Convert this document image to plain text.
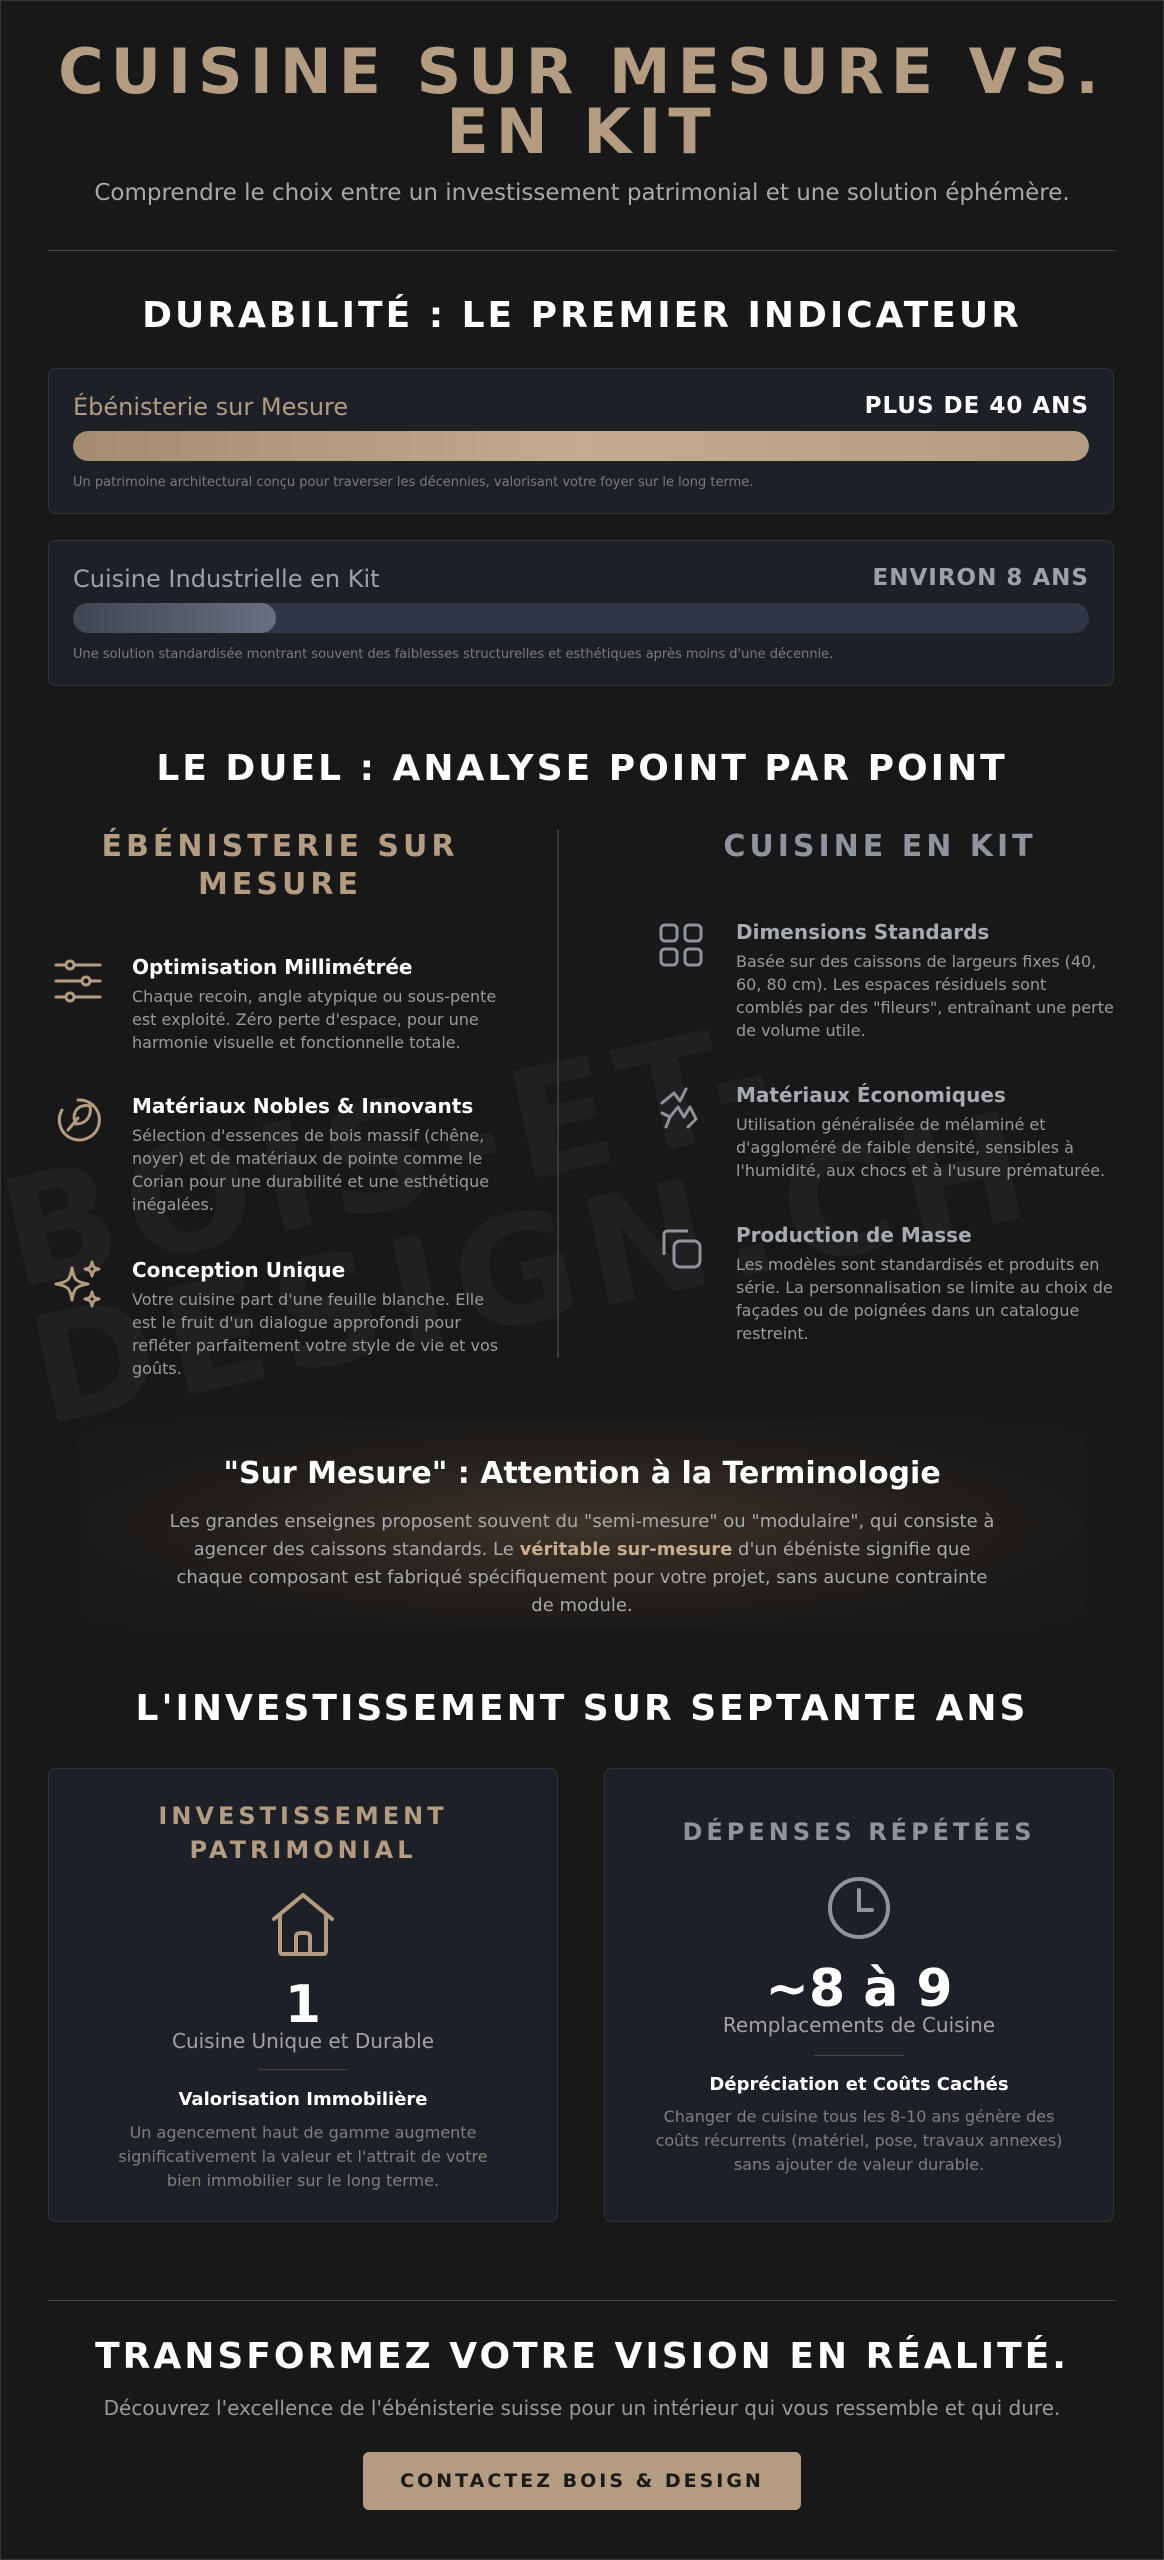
CUISINE SUR MESURE VS. EN KIT
Comprendre le choix entre un investissement patrimonial et une solution éphémère.
DURABILITÉ : LE PREMIER INDICATEUR
Ébénisterie sur Mesure	PLUS DE 40 ANS
Un patrimoine architectural conçu pour traverser les décennies, valorisant votre foyer sur le long terme.
Cuisine Industrielle en Kit	ENVIRON 8 ANS
Une solution standardisée montrant souvent des faiblesses structurelles et esthétiques après moins d'une décennie.
LE DUEL : ANALYSE POINT PAR POINT
ÉBÉNISTERIE SUR MESURE
CUISINE EN KIT
Optimisation Millimétrée
Chaque recoin, angle atypique ou sous-pente est exploité. Zéro perte d'espace, pour une harmonie visuelle et fonctionnelle totale.
Matériaux Nobles & Innovants
Sélection d'essences de bois massif (chêne, noyer) et de matériaux de pointe comme le Corian pour une durabilité et une esthétique inégalées.
Conception Unique
Votre cuisine part d'une feuille blanche. Elle est le fruit d'un dialogue approfondi pour refléter parfaitement votre style de vie et vos goûts.
Dimensions Standards
Basée sur des caissons de largeurs fixes (40, 60, 80 cm). Les espaces résiduels sont comblés par des "fileurs", entraînant une perte de volume utile.
Matériaux Économiques
Utilisation généralisée de mélaminé et d'aggloméré de faible densité, sensibles à l'humidité, aux chocs et à l'usure prématurée.
Production de Masse
Les modèles sont standardisés et produits en série. La personnalisation se limite au choix de façades ou de poignées dans un catalogue restreint.
"Sur Mesure" : Attention à la Terminologie
Les grandes enseignes proposent souvent du "semi-mesure" ou "modulaire", qui consiste à agencer des caissons standards. Le véritable sur-mesure d'un ébéniste signifie que chaque composant est fabriqué spécifiquement pour votre projet, sans aucune contrainte de module.
L'INVESTISSEMENT SUR SEPTANTE ANS
INVESTISSEMENT PATRIMONIAL
1
Cuisine Unique et Durable
Valorisation Immobilière
Un agencement haut de gamme augmente significativement la valeur et l'attrait de votre bien immobilier sur le long terme.
DÉPENSES RÉPÉTÉES
~8 à 9
Remplacements de Cuisine
Dépréciation et Coûts Cachés
Changer de cuisine tous les 8-10 ans génère des coûts récurrents (matériel, pose, travaux annexes) sans ajouter de valeur durable.
TRANSFORMEZ VOTRE VISION EN RÉALITÉ.
Découvrez l'excellence de l'ébénisterie suisse pour un intérieur qui vous ressemble et qui dure.
CONTACTEZ BOIS & DESIGN
